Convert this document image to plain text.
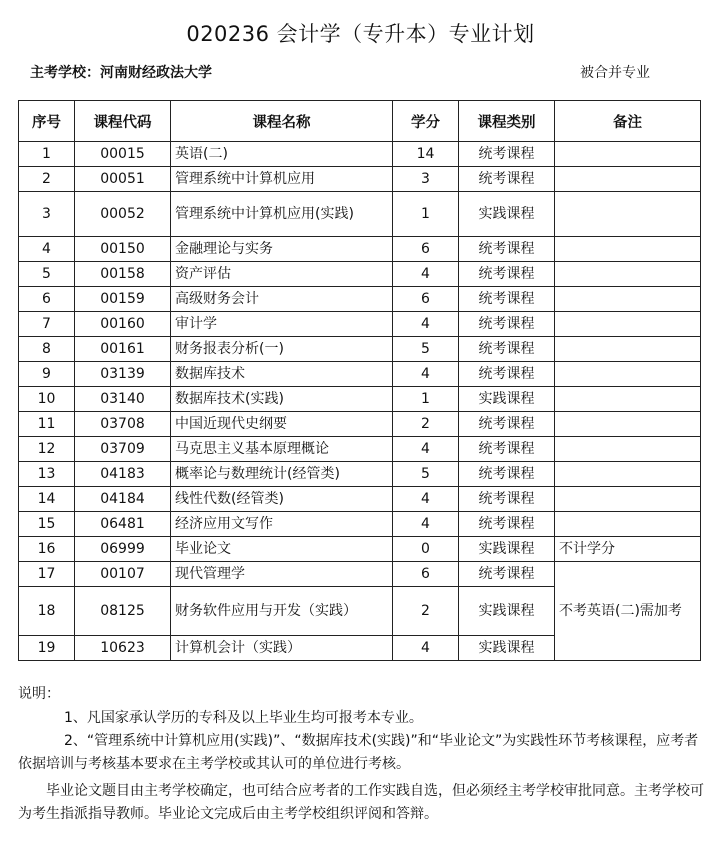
020236 会计学（专升本）专业计划
主考学校：河南财经政法大学	被合并专业
序号	课程代码	课程名称	学分	课程类别	备注
1	00015	英语(二)	14	统考课程	
2	00051	管理系统中计算机应用	3	统考课程	
3	00052	管理系统中计算机应用(实践)	1	实践课程	
4	00150	金融理论与实务	6	统考课程	
5	00158	资产评估	4	统考课程	
6	00159	高级财务会计	6	统考课程	
7	00160	审计学	4	统考课程	
8	00161	财务报表分析(一)	5	统考课程	
9	03139	数据库技术	4	统考课程	
10	03140	数据库技术(实践)	1	实践课程	
11	03708	中国近现代史纲要	2	统考课程	
12	03709	马克思主义基本原理概论	4	统考课程	
13	04183	概率论与数理统计(经管类)	5	统考课程	
14	04184	线性代数(经管类)	4	统考课程	
15	06481	经济应用文写作	4	统考课程	
16	06999	毕业论文	0	实践课程	不计学分
17	00107	现代管理学	6	统考课程	不考英语(二)需加考
18	08125	财务软件应用与开发（实践）	2	实践课程	
19	10623	计算机会计（实践）	4	实践课程	

说明：

1、凡国家承认学历的专科及以上毕业生均可报考本专业。

2、“管理系统中计算机应用(实践)”、“数据库技术(实践)”和“毕业论文”为实践性环节考核课程，应考者依据培训与考核基本要求在主考学校或其认可的单位进行考核。

毕业论文题目由主考学校确定，也可结合应考者的工作实践自选，但必须经主考学校审批同意。主考学校可为考生指派指导教师。毕业论文完成后由主考学校组织评阅和答辩。
